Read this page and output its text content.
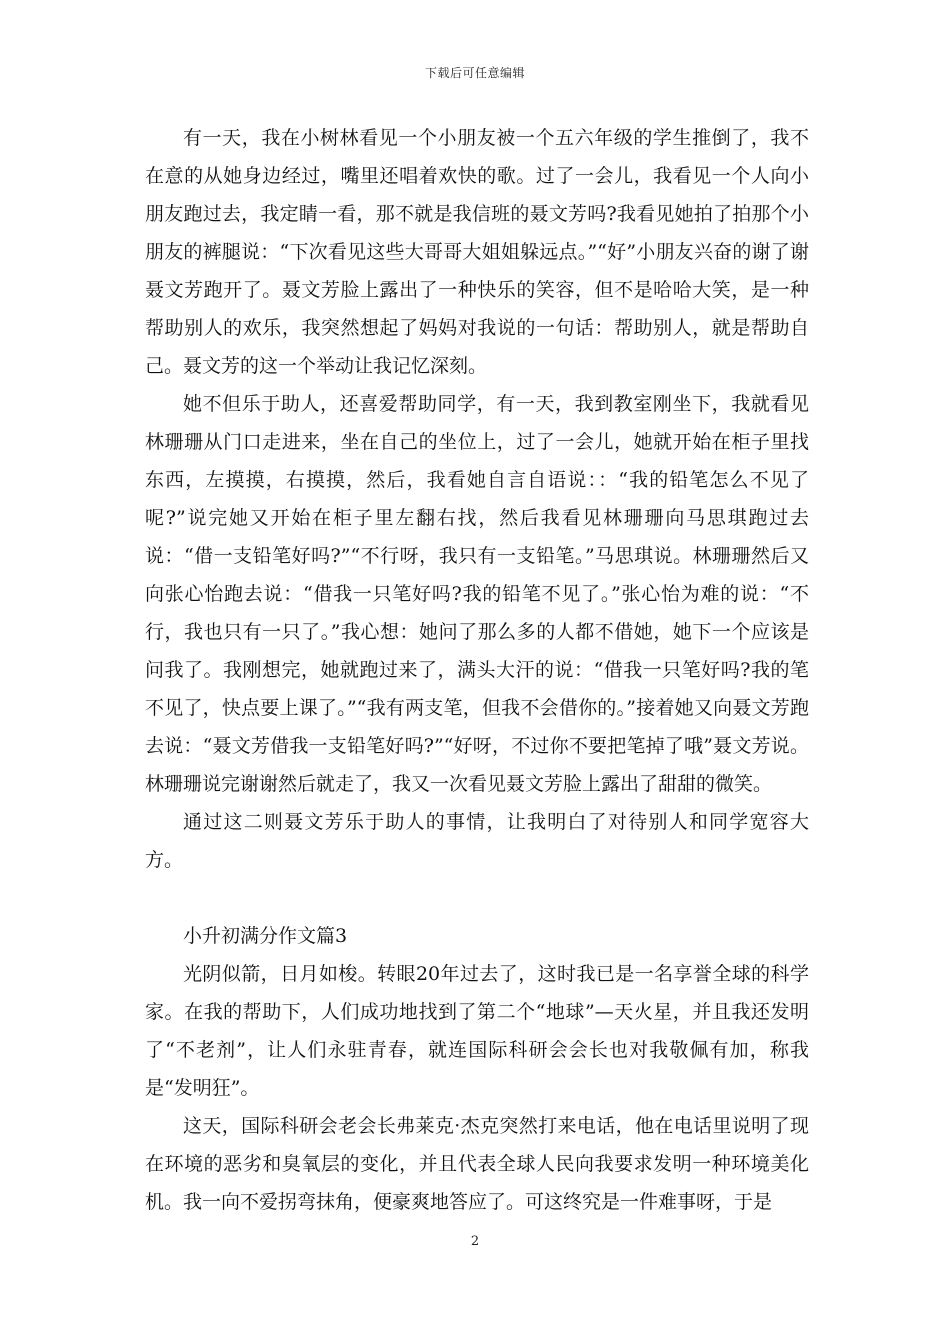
下载后可任意编辑

有一天，我在小树林看见一个小朋友被一个五六年级的学生推倒了，我不在意的从她身边经过，嘴里还唱着欢快的歌。过了一会儿，我看见一个人向小朋友跑过去，我定睛一看，那不就是我信班的聂文芳吗?我看见她拍了拍那个小朋友的裤腿说：“下次看见这些大哥哥大姐姐躲远点。”“好”小朋友兴奋的谢了谢聂文芳跑开了。聂文芳脸上露出了一种快乐的笑容，但不是哈哈大笑，是一种帮助别人的欢乐，我突然想起了妈妈对我说的一句话：帮助别人，就是帮助自己。聂文芳的这一个举动让我记忆深刻。

她不但乐于助人，还喜爱帮助同学，有一天，我到教室刚坐下，我就看见林珊珊从门口走进来，坐在自己的坐位上，过了一会儿，她就开始在柜子里找东西，左摸摸，右摸摸，然后，我看她自言自语说：：“我的铅笔怎么不见了呢?”说完她又开始在柜子里左翻右找，然后我看见林珊珊向马思琪跑过去说：“借一支铅笔好吗?”“不行呀，我只有一支铅笔。”马思琪说。林珊珊然后又向张心怡跑去说：“借我一只笔好吗?我的铅笔不见了。”张心怡为难的说：“不行，我也只有一只了。”我心想：她问了那么多的人都不借她，她下一个应该是问我了。我刚想完，她就跑过来了，满头大汗的说：“借我一只笔好吗?我的笔不见了，快点要上课了。”“我有两支笔，但我不会借你的。”接着她又向聂文芳跑去说：“聂文芳借我一支铅笔好吗?”“好呀，不过你不要把笔掉了哦”聂文芳说。林珊珊说完谢谢然后就走了，我又一次看见聂文芳脸上露出了甜甜的微笑。

通过这二则聂文芳乐于助人的事情，让我明白了对待别人和同学宽容大方。

小升初满分作文篇3

光阴似箭，日月如梭。转眼20年过去了，这时我已是一名享誉全球的科学家。在我的帮助下，人们成功地找到了第二个“地球”—天火星，并且我还发明了“不老剂”，让人们永驻青春，就连国际科研会会长也对我敬佩有加，称我是“发明狂”。

这天，国际科研会老会长弗莱克·杰克突然打来电话，他在电话里说明了现在环境的恶劣和臭氧层的变化，并且代表全球人民向我要求发明一种环境美化机。我一向不爱拐弯抹角，便豪爽地答应了。可这终究是一件难事呀，于是

2
